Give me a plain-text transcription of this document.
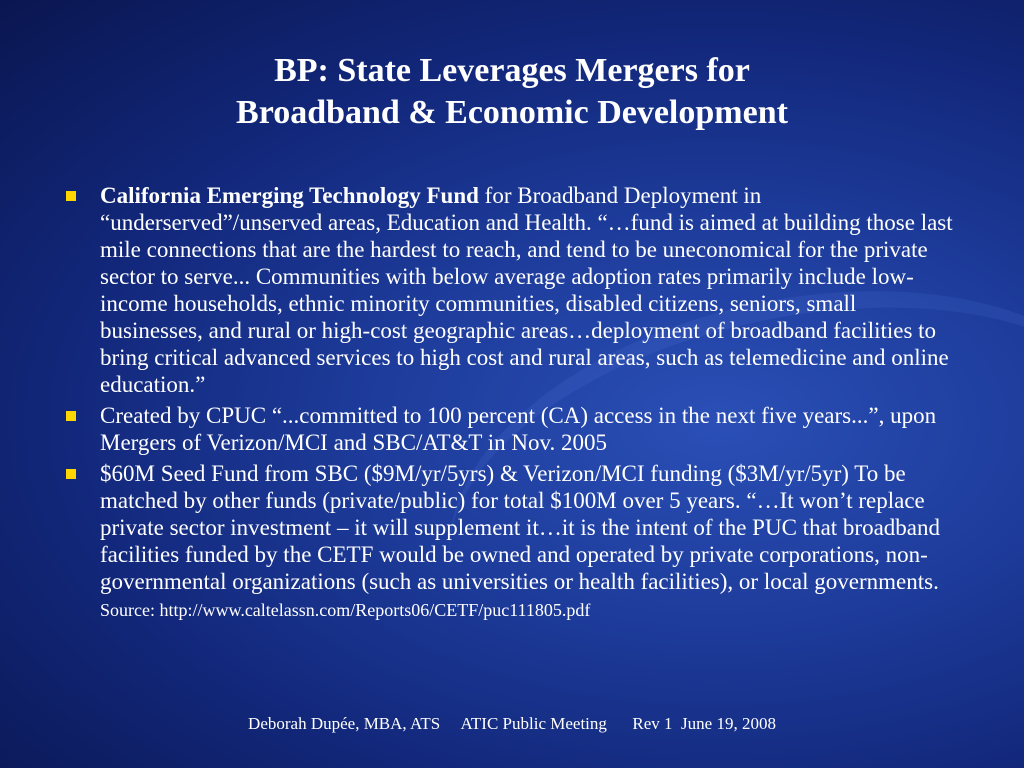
BP: State Leverages Mergers for
Broadband & Economic Development
California Emerging Technology Fund for Broadband Deployment in “underserved”/unserved areas, Education and Health. “…fund is aimed at building those last mile connections that are the hardest to reach, and tend to be uneconomical for the private sector to serve... Communities with below average adoption rates primarily include low-income households, ethnic minority communities, disabled citizens, seniors, small businesses, and rural or high-cost geographic areas…deployment of broadband facilities to bring critical advanced services to high cost and rural areas, such as telemedicine and online education.”
Created by CPUC “...committed to 100 percent (CA) access in the next five years...”, upon Mergers of Verizon/MCI and SBC/AT&T in Nov. 2005
$60M Seed Fund from SBC ($9M/yr/5yrs) & Verizon/MCI funding ($3M/yr/5yr) To be matched by other funds (private/public) for total $100M over 5 years. “…It won’t replace private sector investment – it will supplement it…it is the intent of the PUC that broadband facilities funded by the CETF would be owned and operated by private corporations, non-governmental organizations (such as universities or health facilities), or local governments. Source: http://www.caltelassn.com/Reports06/CETF/puc111805.pdf
Deborah Dupée, MBA, ATS     ATIC Public Meeting      Rev 1  June 19, 2008
